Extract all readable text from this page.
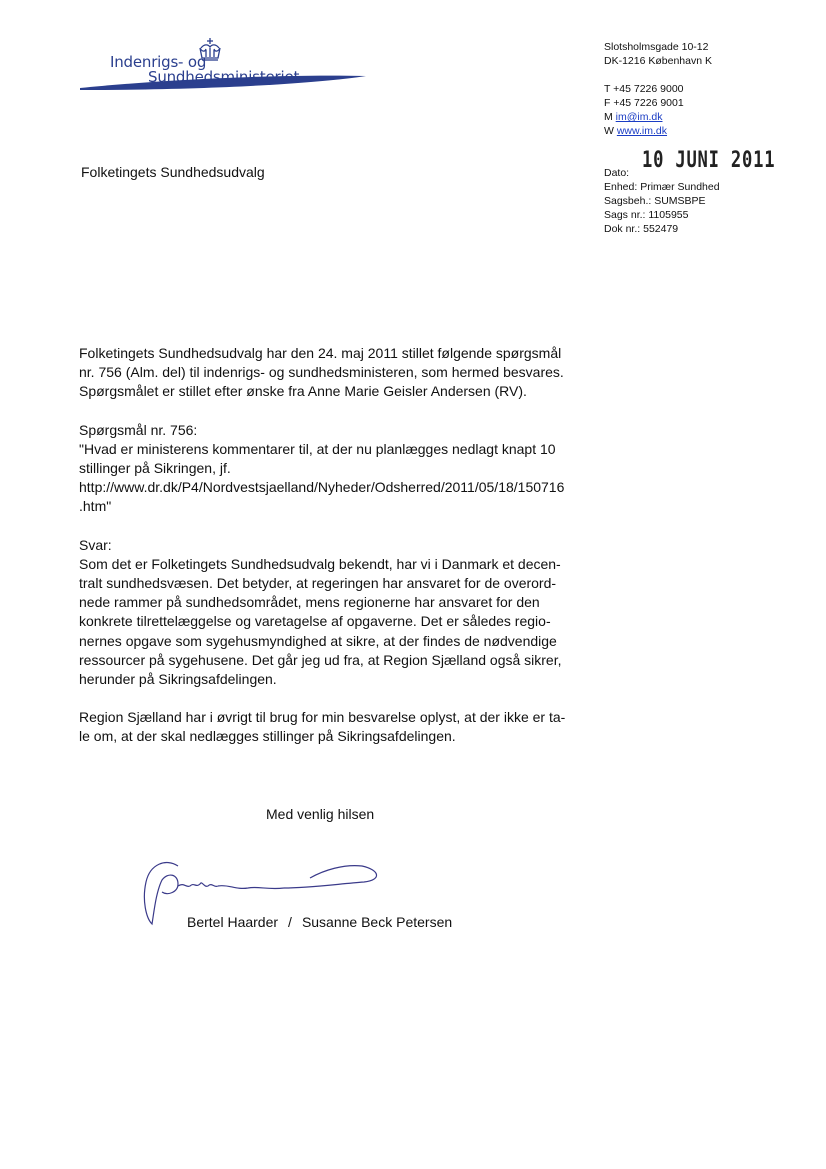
Indenrigs- og
Sundhedsministeriet
Slotsholmsgade 10-12
DK-1216 København K
T +45 7226 9000
F +45 7226 9001
M im@im.dk
W www.im.dk
Dato: 10 JUNI 2011
Enhed: Primær Sundhed
Sagsbeh.: SUMSBPE
Sags nr.: 1105955
Dok nr.: 552479
Folketingets Sundhedsudvalg

Folketingets Sundhedsudvalg har den 24. maj 2011 stillet følgende spørgsmål

nr. 756 (Alm. del) til indenrigs- og sundhedsministeren, som hermed besvares.

Spørgsmålet er stillet efter ønske fra Anne Marie Geisler Andersen (RV).

Spørgsmål nr. 756:

"Hvad er ministerens kommentarer til, at der nu planlægges nedlagt knapt 10

stillinger på Sikringen, jf.

http://www.dr.dk/P4/Nordvestsjaelland/Nyheder/Odsherred/2011/05/18/150716

.htm"

Svar:

Som det er Folketingets Sundhedsudvalg bekendt, har vi i Danmark et decen-

tralt sundhedsvæsen. Det betyder, at regeringen har ansvaret for de overord-

nede rammer på sundhedsområdet, mens regionerne har ansvaret for den

konkrete tilrettelæggelse og varetagelse af opgaverne. Det er således regio-

nernes opgave som sygehusmyndighed at sikre, at der findes de nødvendige

ressourcer på sygehusene. Det går jeg ud fra, at Region Sjælland også sikrer,

herunder på Sikringsafdelingen.

Region Sjælland har i øvrigt til brug for min besvarelse oplyst, at der ikke er ta-

le om, at der skal nedlægges stillinger på Sikringsafdelingen.

Med venlig hilsen
Bertel Haarder / Susanne Beck Petersen
